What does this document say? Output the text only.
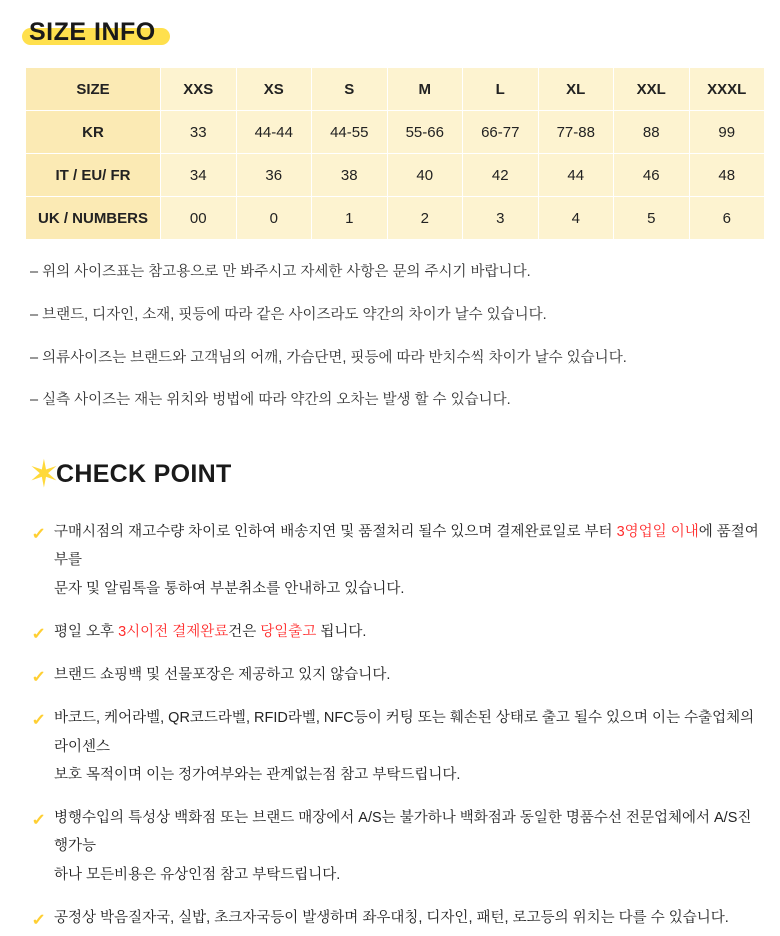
SIZE INFO
SIZE	XXS	XS	S	M	L	XL	XXL	XXXL
KR	33	44-44	44-55	55-66	66-77	77-88	88	99
IT / EU/ FR	34	36	38	40	42	44	46	48
UK / NUMBERS	00	0	1	2	3	4	5	6
– 위의 사이즈표는 참고용으로 만 봐주시고 자세한 사항은 문의 주시기 바랍니다.
– 브랜드, 디자인, 소재, 핏등에 따라 같은 사이즈라도 약간의 차이가 날수 있습니다.
– 의류사이즈는 브랜드와 고객님의 어깨, 가슴단면, 핏등에 따라 반치수씩 차이가 날수 있습니다.
– 실측 사이즈는 재는 위치와 벙법에 따라 약간의 오차는 발생 할 수 있습니다.
✶
CHECK POINT
✓ 구매시점의 재고수량 차이로 인하여 배송지연 및 품절처리 될수 있으며 결제완료일로 부터 3영업일 이내에 품절여부를
문자 및 알림톡을 통하여 부분취소를 안내하고 있습니다.
✓ 평일 오후 3시이전 결제완료건은 당일출고 됩니다.
✓ 브랜드 쇼핑백 및 선물포장은 제공하고 있지 않습니다.
✓ 바코드, 케어라벨, QR코드라벨, RFID라벨, NFC등이 커팅 또는 훼손된 상태로 출고 될수 있으며 이는 수출업체의 라이센스
보호 목적이며 이는 정가여부와는 관계없는점 참고 부탁드립니다.
✓ 병행수입의 특성상 백화점 또는 브랜드 매장에서 A/S는 불가하나 백화점과 동일한 명품수선 전문업체에서 A/S진행가능
하나 모든비용은 유상인점 참고 부탁드립니다.
✓ 공정상 박음질자국, 실밥, 초크자국등이 발생하며 좌우대칭, 디자인, 패턴, 로고등의 위치는 다를 수 있습니다.
